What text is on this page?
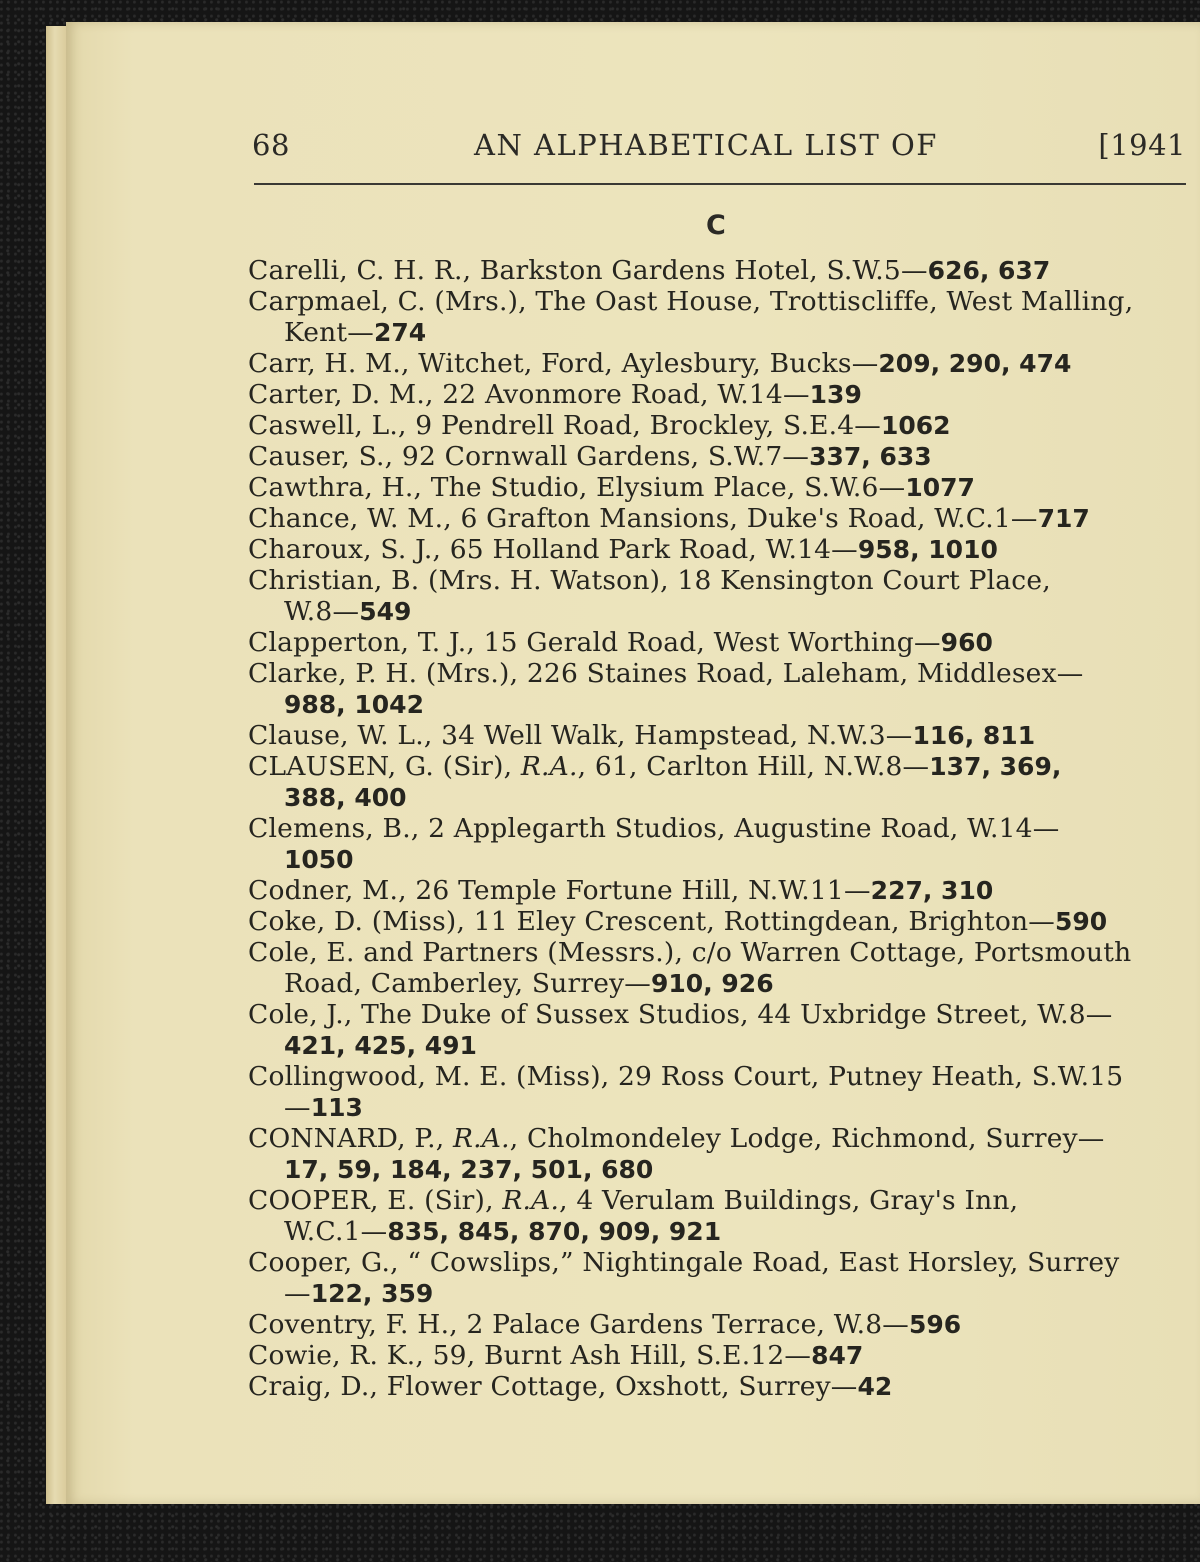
68	AN ALPHABETICAL LIST OF	[1941
C
Carelli, C. H. R., Barkston Gardens Hotel, S.W.5—626, 637
Carpmael, C. (Mrs.), The Oast House, Trottiscliffe, West Malling,
Kent—274
Carr, H. M., Witchet, Ford, Aylesbury, Bucks—209, 290, 474
Carter, D. M., 22 Avonmore Road, W.14—139
Caswell, L., 9 Pendrell Road, Brockley, S.E.4—1062
Causer, S., 92 Cornwall Gardens, S.W.7—337, 633
Cawthra, H., The Studio, Elysium Place, S.W.6—1077
Chance, W. M., 6 Grafton Mansions, Duke's Road, W.C.1—717
Charoux, S. J., 65 Holland Park Road, W.14—958, 1010
Christian, B. (Mrs. H. Watson), 18 Kensington Court Place,
W.8—549
Clapperton, T. J., 15 Gerald Road, West Worthing—960
Clarke, P. H. (Mrs.), 226 Staines Road, Laleham, Middlesex—
988, 1042
Clause, W. L., 34 Well Walk, Hampstead, N.W.3—116, 811
CLAUSEN, G. (Sir), R.A., 61, Carlton Hill, N.W.8—137, 369,
388, 400
Clemens, B., 2 Applegarth Studios, Augustine Road, W.14—
1050
Codner, M., 26 Temple Fortune Hill, N.W.11—227, 310
Coke, D. (Miss), 11 Eley Crescent, Rottingdean, Brighton—590
Cole, E. and Partners (Messrs.), c/o Warren Cottage, Portsmouth
Road, Camberley, Surrey—910, 926
Cole, J., The Duke of Sussex Studios, 44 Uxbridge Street, W.8—
421, 425, 491
Collingwood, M. E. (Miss), 29 Ross Court, Putney Heath, S.W.15
—113
CONNARD, P., R.A., Cholmondeley Lodge, Richmond, Surrey—
17, 59, 184, 237, 501, 680
COOPER, E. (Sir), R.A., 4 Verulam Buildings, Gray's Inn,
W.C.1—835, 845, 870, 909, 921
Cooper, G., “ Cowslips,” Nightingale Road, East Horsley, Surrey
—122, 359
Coventry, F. H., 2 Palace Gardens Terrace, W.8—596
Cowie, R. K., 59, Burnt Ash Hill, S.E.12—847
Craig, D., Flower Cottage, Oxshott, Surrey—42
